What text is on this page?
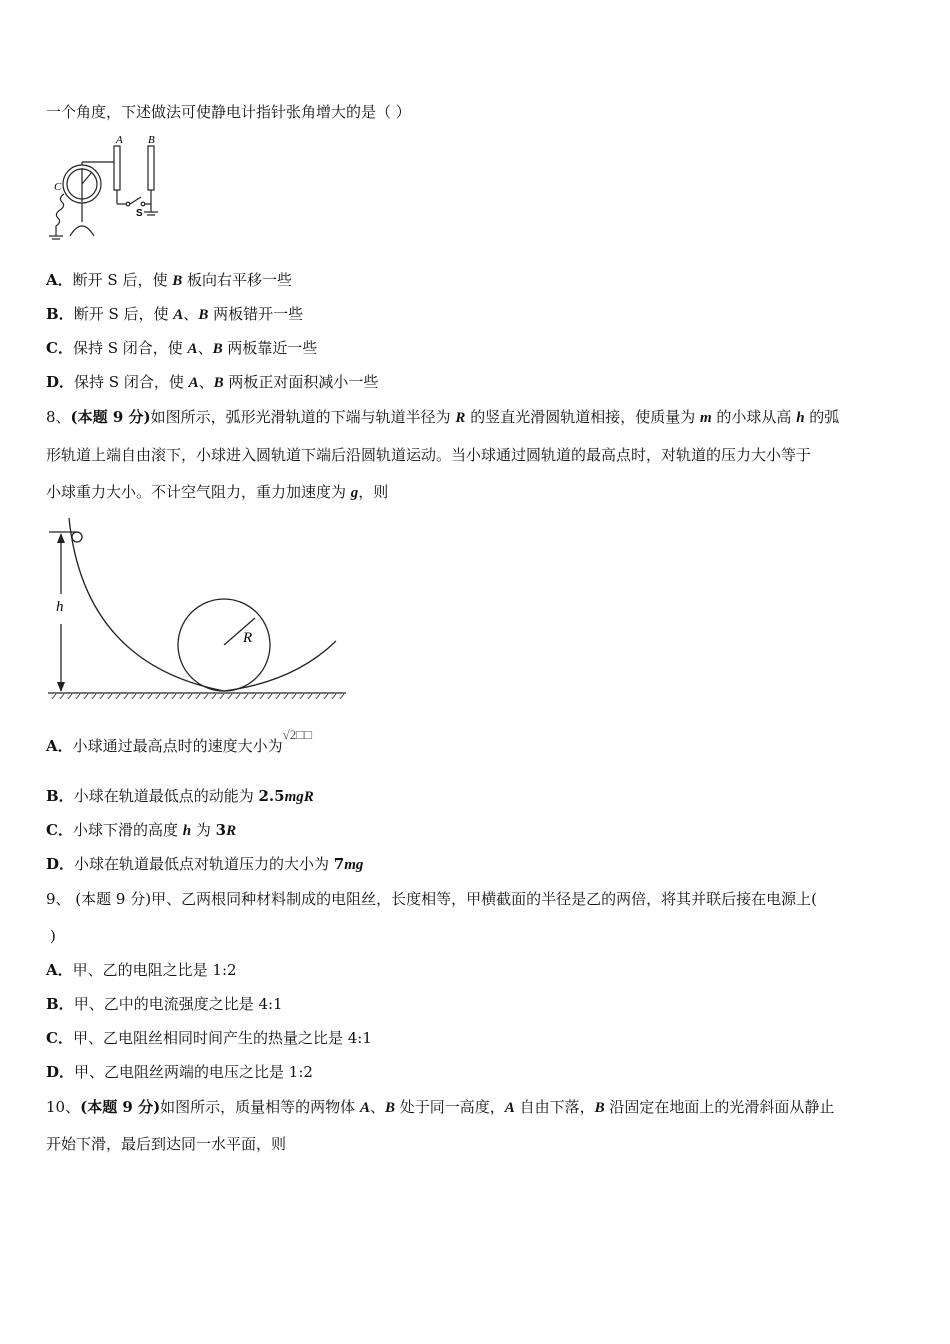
一个角度，下述做法可使静电计指针张角增大的是（ ）
A B
C
S
A．断开 S 后，使 B 板向右平移一些
B．断开 S 后，使 A、B 两板错开一些
C．保持 S 闭合，使 A、B 两板靠近一些
D．保持 S 闭合，使 A、B 两板正对面积减小一些
8、(本题 9 分)如图所示，弧形光滑轨道的下端与轨道半径为 R 的竖直光滑圆轨道相接，使质量为 m 的小球从高 h 的弧
形轨道上端自由滚下，小球进入圆轨道下端后沿圆轨道运动。当小球通过圆轨道的最高点时，对轨道的压力大小等于
小球重力大小。不计空气阻力，重力加速度为 g，则
h
R
A．小球通过最高点时的速度大小为√2□□
B．小球在轨道最低点的动能为 2.5mgR
C．小球下滑的高度 h 为 3R
D．小球在轨道最低点对轨道压力的大小为 7mg
9、 (本题 9 分)甲、乙两根同种材料制成的电阻丝，长度相等，甲横截面的半径是乙的两倍，将其并联后接在电源上(
)
A．甲、乙的电阻之比是 1:2
B．甲、乙中的电流强度之比是 4:1
C．甲、乙电阻丝相同时间产生的热量之比是 4:1
D．甲、乙电阻丝两端的电压之比是 1:2
10、(本题 9 分)如图所示，质量相等的两物体 A、B 处于同一高度，A 自由下落，B 沿固定在地面上的光滑斜面从静止
开始下滑，最后到达同一水平面，则
